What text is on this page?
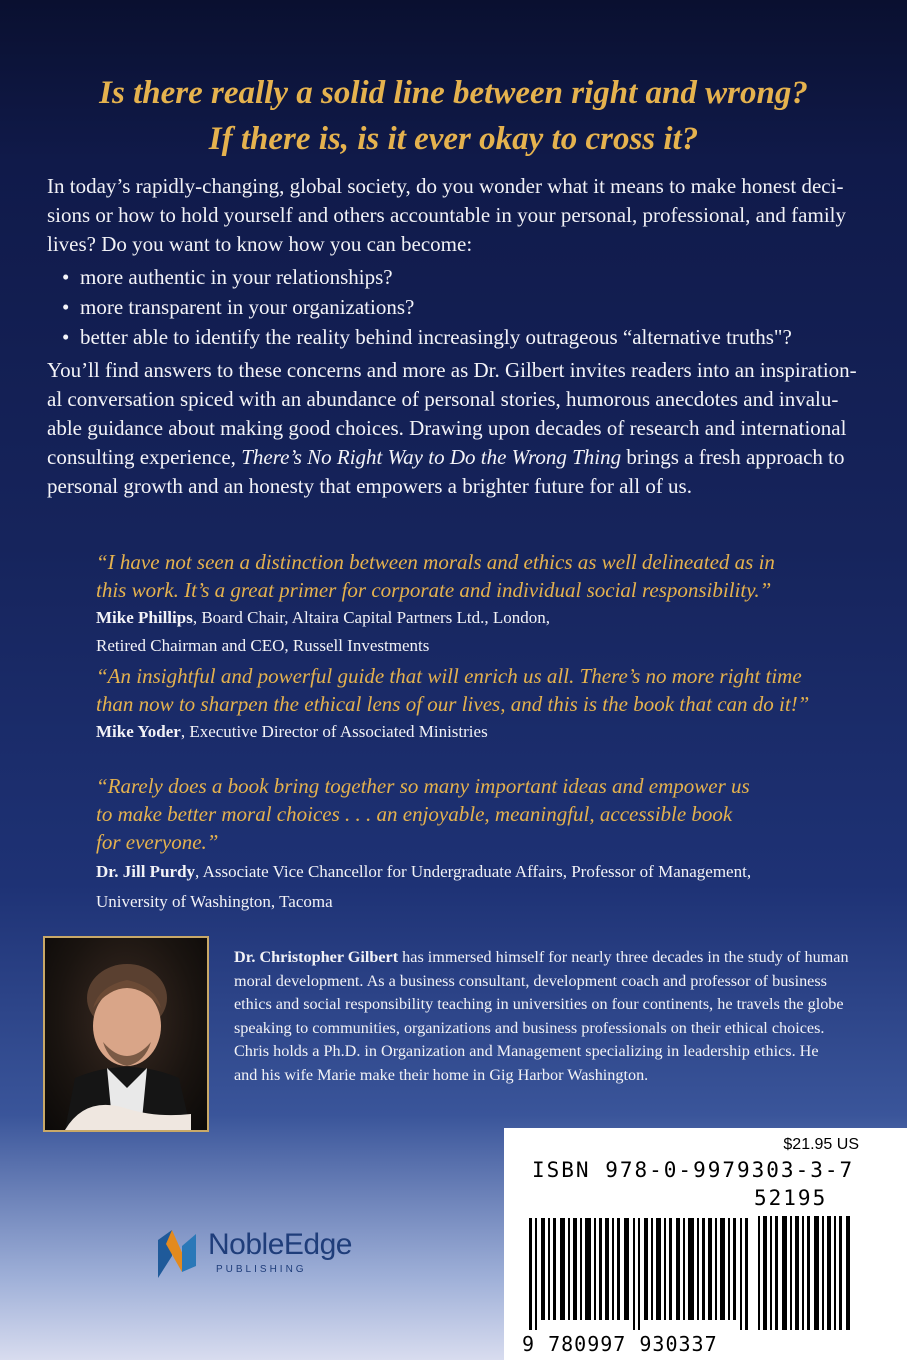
Is there really a solid line between right and wrong?
If there is, is it ever okay to cross it?
In today’s rapidly-changing, global society, do you wonder what it means to make honest deci-
sions or how to hold yourself and others accountable in your personal, professional, and family
lives? Do you want to know how you can become:
• more authentic in your relationships?
• more transparent in your organizations?
• better able to identify the reality behind increasingly outrageous “alternative truths"?
You’ll find answers to these concerns and more as Dr. Gilbert invites readers into an inspiration-
al conversation spiced with an abundance of personal stories, humorous anecdotes and invalu-
able guidance about making good choices. Drawing upon decades of research and international
consulting experience, There’s No Right Way to Do the Wrong Thing brings a fresh approach to
personal growth and an honesty that empowers a brighter future for all of us.
“I have not seen a distinction between morals and ethics as well delineated as in
this work. It’s a great primer for corporate and individual social responsibility.”
Mike Phillips, Board Chair, Altaira Capital Partners Ltd., London,
Retired Chairman and CEO, Russell Investments
“An insightful and powerful guide that will enrich us all. There’s no more right time
than now to sharpen the ethical lens of our lives, and this is the book that can do it!”
Mike Yoder, Executive Director of Associated Ministries
“Rarely does a book bring together so many important ideas and empower us
to make better moral choices . . . an enjoyable, meaningful, accessible book
for everyone.”
Dr. Jill Purdy, Associate Vice Chancellor for Undergraduate Affairs, Professor of Management,
University of Washington, Tacoma
Dr. Christopher Gilbert has immersed himself for nearly three decades in the study of human
moral development. As a business consultant, development coach and professor of business
ethics and social responsibility teaching in universities on four continents, he travels the globe
speaking to communities, organizations and business professionals on their ethical choices.
Chris holds a Ph.D. in Organization and Management specializing in leadership ethics. He
and his wife Marie make their home in Gig Harbor Washington.
NobleEdge
PUBLISHING
$21.95 US
ISBN 978-0-9979303-3-7
52195
9 780997 930337
